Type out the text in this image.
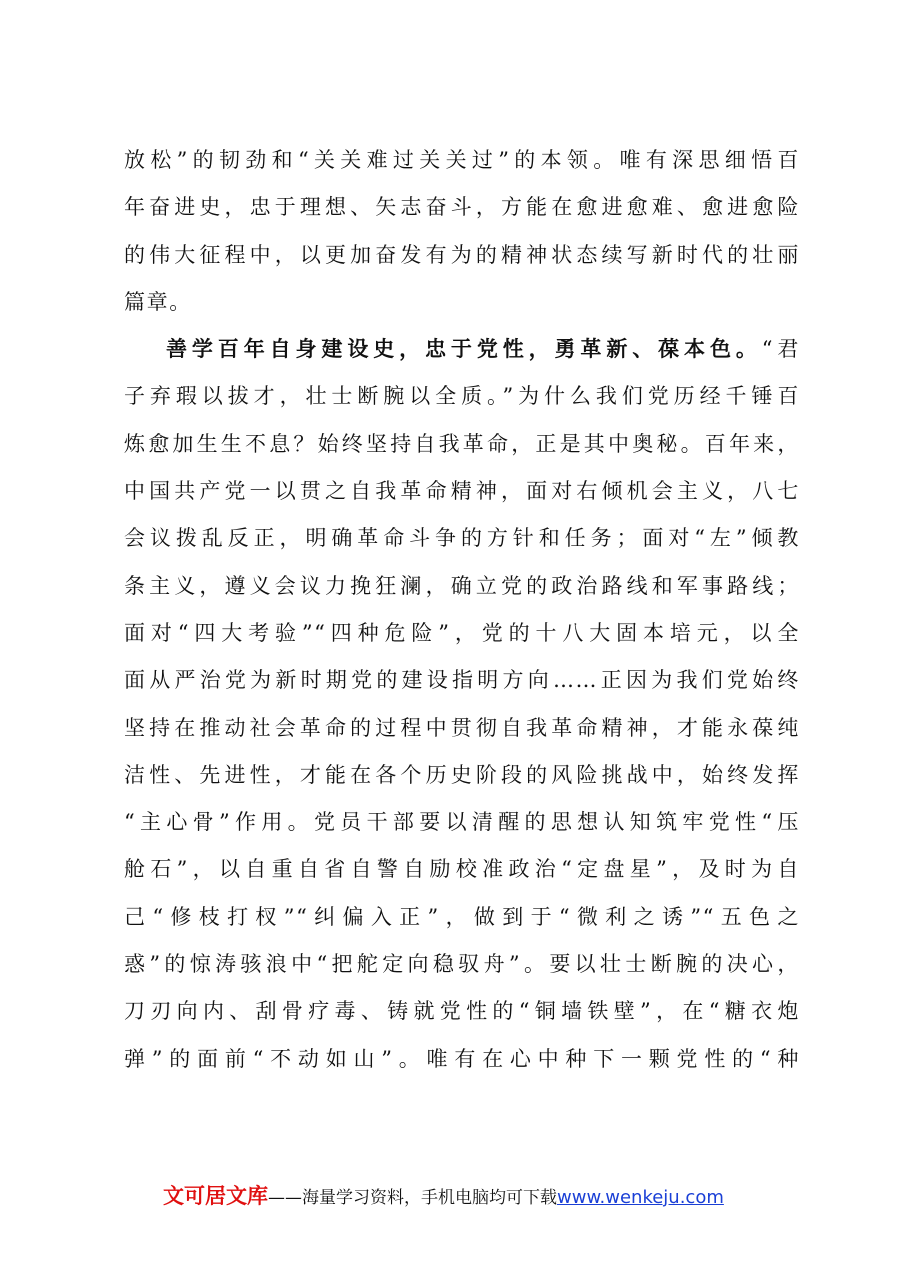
放松”的韧劲和“关关难过关关过”的本领。唯有深思细悟百
年奋进史，忠于理想、矢志奋斗，方能在愈进愈难、愈进愈险
的伟大征程中，以更加奋发有为的精神状态续写新时代的壮丽
篇章。
善学百年自身建设史，忠于党性，勇革新、葆本色。“君
子弃瑕以拔才，壮士断腕以全质。”为什么我们党历经千锤百
炼愈加生生不息？始终坚持自我革命，正是其中奥秘。百年来，
中国共产党一以贯之自我革命精神，面对右倾机会主义，八七
会议拨乱反正，明确革命斗争的方针和任务；面对“左”倾教
条主义，遵义会议力挽狂澜，确立党的政治路线和军事路线；
面对“四大考验”“四种危险”，党的十八大固本培元，以全
面从严治党为新时期党的建设指明方向……正因为我们党始终
坚持在推动社会革命的过程中贯彻自我革命精神，才能永葆纯
洁性、先进性，才能在各个历史阶段的风险挑战中，始终发挥
“主心骨”作用。党员干部要以清醒的思想认知筑牢党性“压
舱石”，以自重自省自警自励校准政治“定盘星”，及时为自
己“修枝打杈”“纠偏入正”，做到于“微利之诱”“五色之
惑”的惊涛骇浪中“把舵定向稳驭舟”。要以壮士断腕的决心，
刀刃向内、刮骨疗毒、铸就党性的“铜墙铁壁”，在“糖衣炮
弹”的面前“不动如山”。唯有在心中种下一颗党性的“种
文可居文库——海量学习资料，手机电脑均可下载www.wenkeju.com
